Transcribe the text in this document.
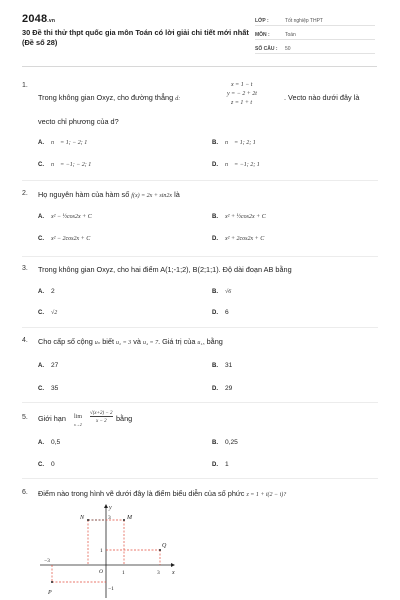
2048.vn
30 Đề thi thử thpt quốc gia môn Toán có lời giải chi tiết mới nhất (Đề số 28)
LỚP :	Tốt nghiệp THPT
MÔN :	Toán
SỐ CÂU : 50
1.
Trong không gian Oxyz, cho đường thẳng d:
x = 1 − t
y = − 2 + 2t
z = 1 + t
. Vecto nào dưới đây là
vecto chỉ phương của d?
A. n⃗ = 1; − 2; 1	B. n⃗ = 1; 2; 1
C. n⃗ = −1; − 2; 1	D. n⃗ = −1; 2; 1
2. Họ nguyên hàm của hàm số f(x) = 2x + sin2x là
A. x² − ½cos2x + C	B. x² + ½cos2x + C
C. x² − 2cos2x + C	D. x² + 2cos2x + C
3. Trong không gian Oxyz, cho hai điểm A(1;-1;2), B(2;1;1). Độ dài đoạn AB bằng
A. 2	B. √6
C. √2	D. 6
4. Cho cấp số cộng uₙ biết u₂ = 3 và u₄ = 7. Giá trị của u₁₅ bằng
A. 27	B. 31
C. 35	D. 29
5. Giới hạn lim
x→2
√(x+2) − 2
x − 2 bằng
A. 0,5	B. 0,25
C. 0	D. 1
6. Điểm nào trong hình vẽ dưới đây là điểm biểu diễn của số phức z = 1 + i(2 − i)?
x
y
O
−3
1	3
3
1
−1
N	M
Q
P
